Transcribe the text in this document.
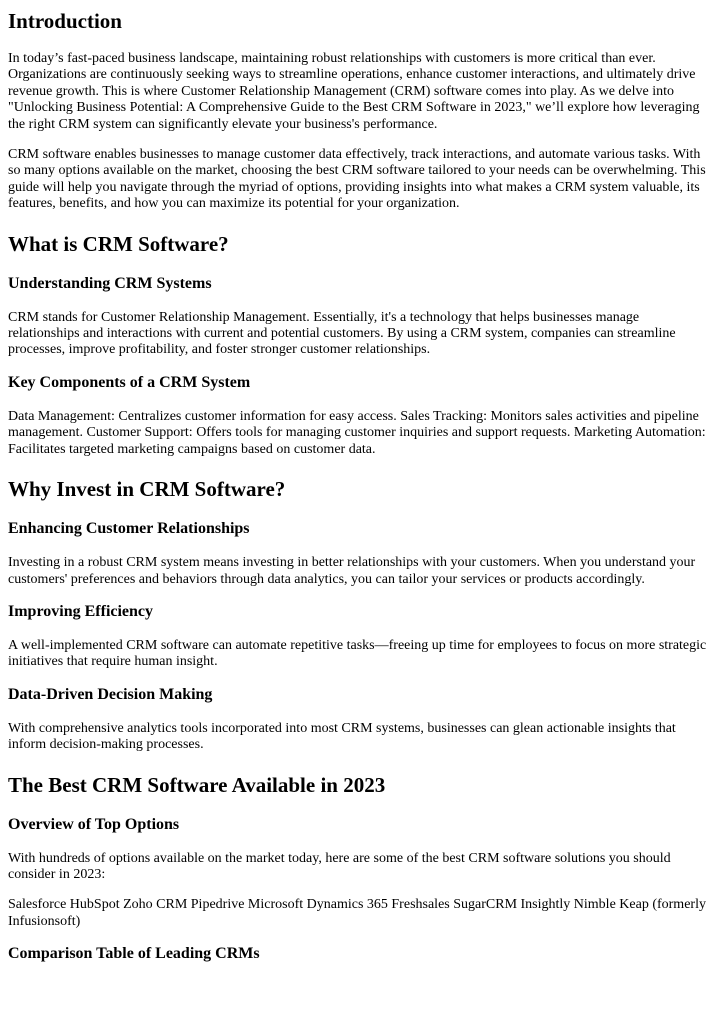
Introduction

In today’s fast-paced business landscape, maintaining robust relationships with customers is more critical than ever. Organizations are continuously seeking ways to streamline operations, enhance customer interactions, and ultimately drive revenue growth. This is where Customer Relationship Management (CRM) software comes into play. As we delve into "Unlocking Business Potential: A Comprehensive Guide to the Best CRM Software in 2023," we’ll explore how leveraging the right CRM system can significantly elevate your business's performance.

CRM software enables businesses to manage customer data effectively, track interactions, and automate various tasks. With so many options available on the market, choosing the best CRM software tailored to your needs can be overwhelming. This guide will help you navigate through the myriad of options, providing insights into what makes a CRM system valuable, its features, benefits, and how you can maximize its potential for your organization.

What is CRM Software?
Understanding CRM Systems

CRM stands for Customer Relationship Management. Essentially, it's a technology that helps businesses manage relationships and interactions with current and potential customers. By using a CRM system, companies can streamline processes, improve profitability, and foster stronger customer relationships.

Key Components of a CRM System

Data Management: Centralizes customer information for easy access. Sales Tracking: Monitors sales activities and pipeline management. Customer Support: Offers tools for managing customer inquiries and support requests. Marketing Automation: Facilitates targeted marketing campaigns based on customer data.

Why Invest in CRM Software?
Enhancing Customer Relationships

Investing in a robust CRM system means investing in better relationships with your customers. When you understand your customers' preferences and behaviors through data analytics, you can tailor your services or products accordingly.

Improving Efficiency

A well-implemented CRM software can automate repetitive tasks—freeing up time for employees to focus on more strategic initiatives that require human insight.

Data-Driven Decision Making

With comprehensive analytics tools incorporated into most CRM systems, businesses can glean actionable insights that inform decision-making processes.

The Best CRM Software Available in 2023
Overview of Top Options

With hundreds of options available on the market today, here are some of the best CRM software solutions you should consider in 2023:

Salesforce HubSpot Zoho CRM Pipedrive Microsoft Dynamics 365 Freshsales SugarCRM Insightly Nimble Keap (formerly Infusionsoft)

Comparison Table of Leading CRMs
